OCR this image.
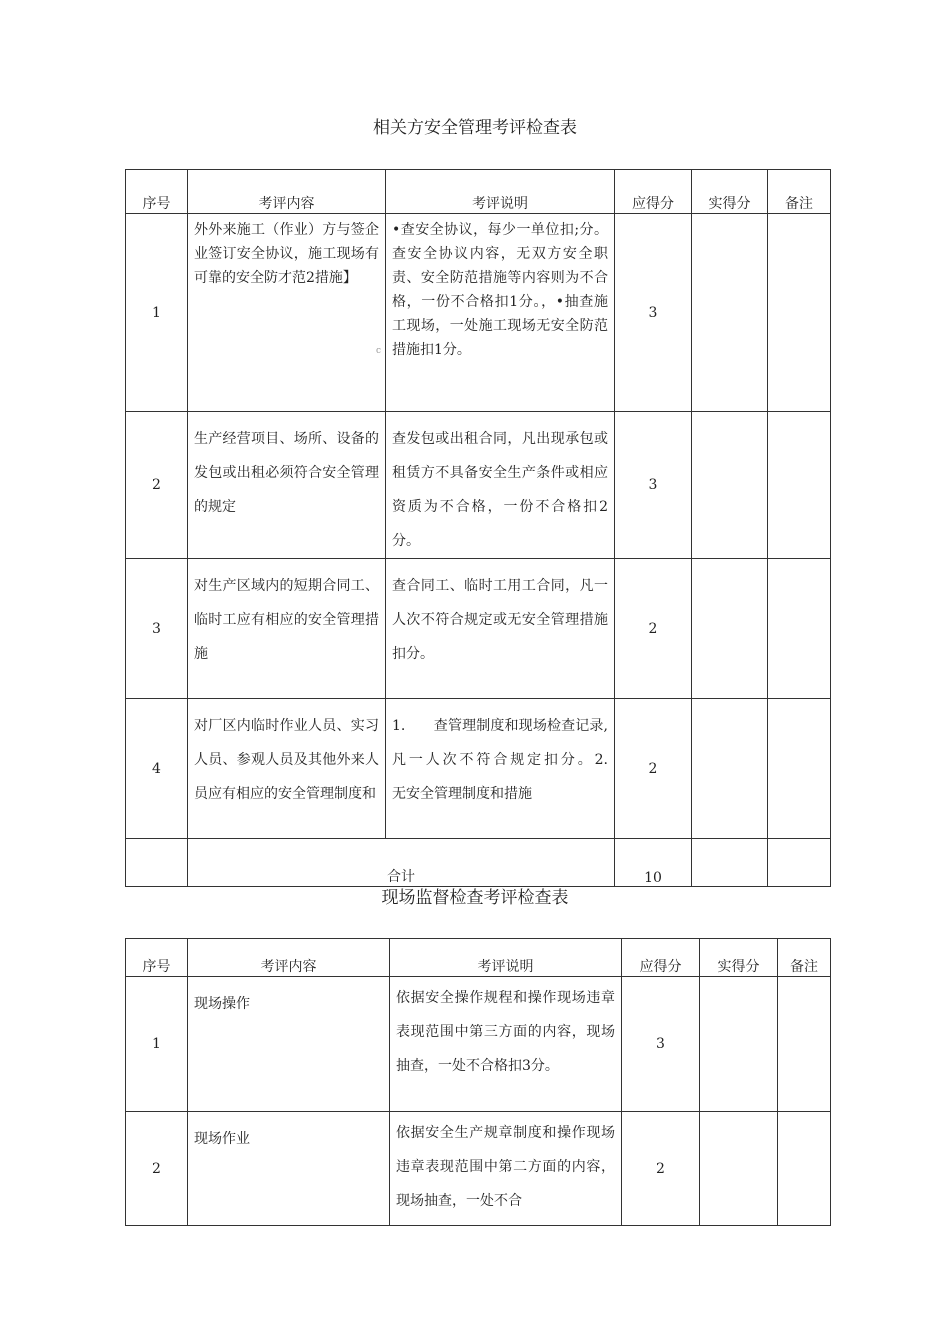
相关方安全管理考评检查表
序号	考评内容	考评说明	应得分	实得分	备注
1	外外来施工（作业）方与签企业签订安全协议，施工现场有可靠的安全防才范2措施】	•查安全协议，每少一单位扣;分。查安全协议内容，无双方安全职责、安全防范措施等内容则为不合格，一份不合格扣1分。，•抽查施工现场，一处施工现场无安全防范措施扣1分。	3		
2	生产经营项目、场所、设备的发包或出租必须符合安全管理的规定	查发包或出租合同，凡出现承包或租赁方不具备安全生产条件或相应资质为不合格，一份不合格扣2分。	3		
3	对生产区域内的短期合同工、临时工应有相应的安全管理措施	查合同工、临时工用工合同，凡一人次不符合规定或无安全管理措施扣分。	2		
4	对厂区内临时作业人员、实习人员、参观人员及其他外来人员应有相应的安全管理制度和	1.　　查管理制度和现场检查记录,凡一人次不符合规定扣分。2.　　无安全管理制度和措施	2		
	合计		10		
c
现场监督检查考评检查表
序号	考评内容	考评说明	应得分	实得分	备注
1	现场操作	依据安全操作规程和操作现场违章表现范围中第三方面的内容，现场抽查，一处不合格扣3分。	3		
2	现场作业	依据安全生产规章制度和操作现场违章表现范围中第二方面的内容，现场抽查，一处不合	2		
